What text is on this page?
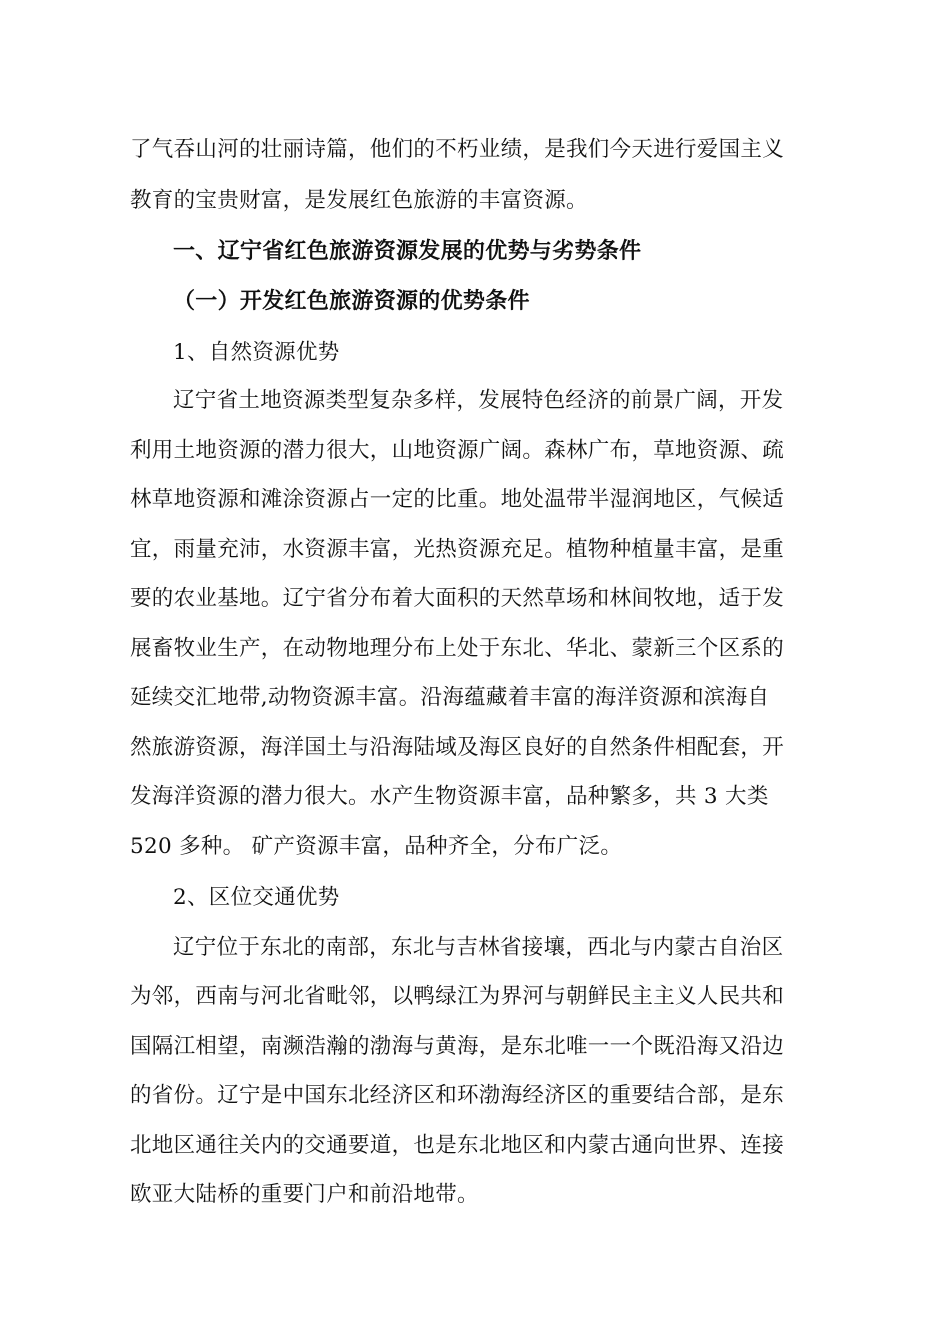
了气吞山河的壮丽诗篇，他们的不朽业绩，是我们今天进行爱国主义
教育的宝贵财富，是发展红色旅游的丰富资源。
一、辽宁省红色旅游资源发展的优势与劣势条件
（一）开发红色旅游资源的优势条件
1、自然资源优势
辽宁省土地资源类型复杂多样，发展特色经济的前景广阔，开发
利用土地资源的潜力很大，山地资源广阔。森林广布，草地资源、疏
林草地资源和滩涂资源占一定的比重。地处温带半湿润地区，气候适
宜，雨量充沛，水资源丰富，光热资源充足。植物种植量丰富，是重
要的农业基地。辽宁省分布着大面积的天然草场和林间牧地，适于发
展畜牧业生产，在动物地理分布上处于东北、华北、蒙新三个区系的
延续交汇地带,动物资源丰富。沿海蕴藏着丰富的海洋资源和滨海自
然旅游资源，海洋国土与沿海陆域及海区良好的自然条件相配套，开
发海洋资源的潜力很大。水产生物资源丰富，品种繁多，共 3 大类
520 多种。 矿产资源丰富，品种齐全，分布广泛。
2、区位交通优势
辽宁位于东北的南部，东北与吉林省接壤，西北与内蒙古自治区
为邻，西南与河北省毗邻，以鸭绿江为界河与朝鲜民主主义人民共和
国隔江相望，南濒浩瀚的渤海与黄海，是东北唯一一个既沿海又沿边
的省份。辽宁是中国东北经济区和环渤海经济区的重要结合部，是东
北地区通往关内的交通要道，也是东北地区和内蒙古通向世界、连接
欧亚大陆桥的重要门户和前沿地带。
